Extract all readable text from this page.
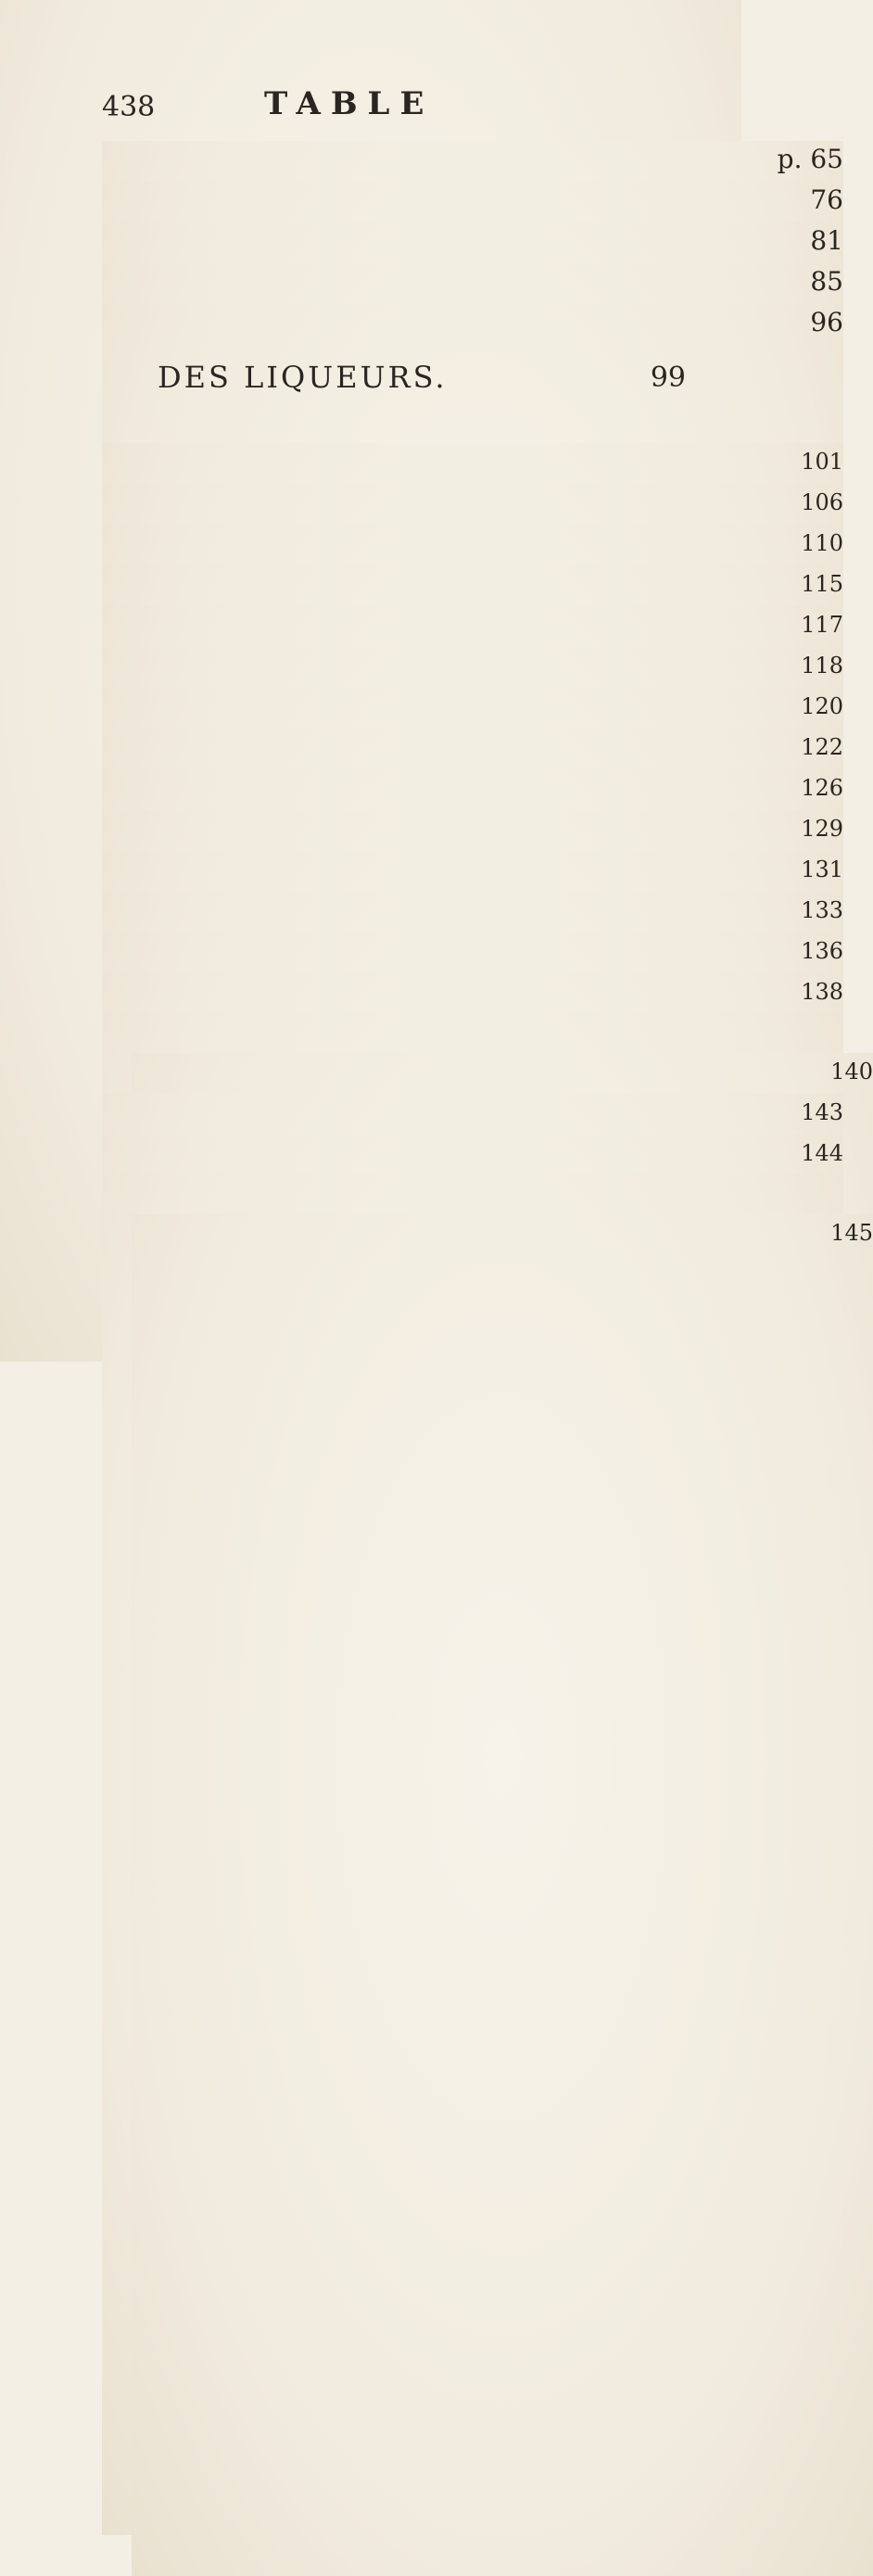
438	TABLE
p. 65
76
81
85
96
DES LIQUEURS.	99
101
106
110
115
117
118
120
122
126
129
131
133
136
138
140
143
144
145
